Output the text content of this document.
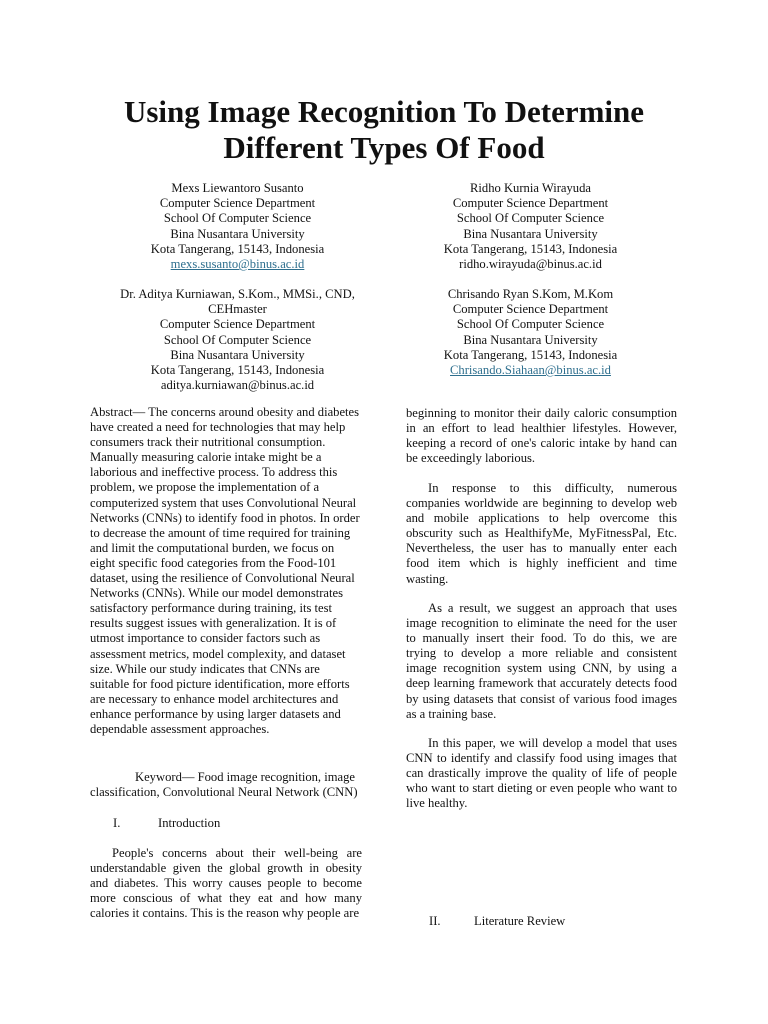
Using Image Recognition To Determine
Different Types Of Food
Mexs Liewantoro Susanto
Computer Science Department
School Of Computer Science
Bina Nusantara University
Kota Tangerang, 15143, Indonesia
mexs.susanto@binus.ac.id
Ridho Kurnia Wirayuda
Computer Science Department
School Of Computer Science
Bina Nusantara University
Kota Tangerang, 15143, Indonesia
ridho.wirayuda@binus.ac.id
Dr. Aditya Kurniawan, S.Kom., MMSi., CND,
CEHmaster
Computer Science Department
School Of Computer Science
Bina Nusantara University
Kota Tangerang, 15143, Indonesia
aditya.kurniawan@binus.ac.id
Chrisando Ryan S.Kom, M.Kom
Computer Science Department
School Of Computer Science
Bina Nusantara University
Kota Tangerang, 15143, Indonesia
Chrisando.Siahaan@binus.ac.id

Abstract— The concerns around obesity and diabetes have created a need for technologies that may help consumers track their nutritional consumption. Manually measuring calorie intake might be a laborious and ineffective process. To address this problem, we propose the implementation of a computerized system that uses Convolutional Neural Networks (CNNs) to identify food in photos. In order to decrease the amount of time required for training and limit the computational burden, we focus on eight specific food categories from the Food-101 dataset, using the resilience of Convolutional Neural Networks (CNNs). While our model demonstrates satisfactory performance during training, its test results suggest issues with generalization. It is of utmost importance to consider factors such as assessment metrics, model complexity, and dataset size. While our study indicates that CNNs are suitable for food picture identification, more efforts are necessary to enhance model architectures and enhance performance by using larger datasets and dependable assessment approaches.

Keyword— Food image recognition, image classification, Convolutional Neural Network (CNN)

I.	Introduction

People's concerns about their well-being are understandable given the global growth in obesity and diabetes. This worry causes people to become more conscious of what they eat and how many calories it contains. This is the reason why people are

beginning to monitor their daily caloric consumption in an effort to lead healthier lifestyles. However, keeping a record of one's caloric intake by hand can be exceedingly laborious.

In response to this difficulty, numerous companies worldwide are beginning to develop web and mobile applications to help overcome this obscurity such as HealthifyMe, MyFitnessPal, Etc. Nevertheless, the user has to manually enter each food item which is highly inefficient and time wasting.

As a result, we suggest an approach that uses image recognition to eliminate the need for the user to manually insert their food. To do this, we are trying to develop a more reliable and consistent image recognition system using CNN, by using a deep learning framework that accurately detects food by using datasets that consist of various food images as a training base.

In this paper, we will develop a model that uses CNN to identify and classify food using images that can drastically improve the quality of life of people who want to start dieting or even people who want to live healthy.

II.	Literature Review
